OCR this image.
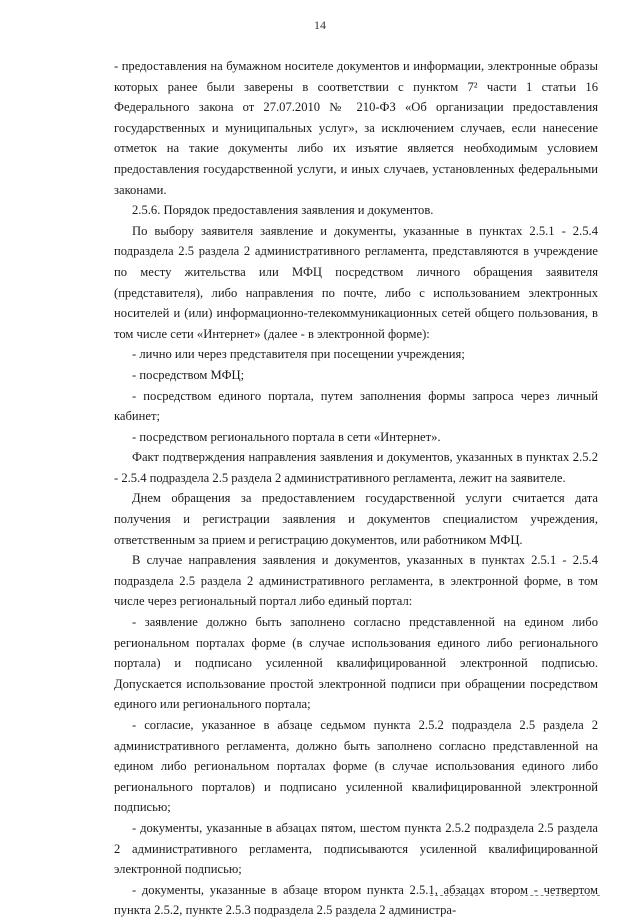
14

- предоставления на бумажном носителе документов и информации, электронные образы которых ранее были заверены в соответствии с пунктом 7² части 1 статьи 16 Федерального закона от 27.07.2010 № 210-ФЗ «Об организации предоставления государственных и муниципальных услуг», за исключением случаев, если нанесение отметок на такие документы либо их изъятие является необходимым условием предоставления государственной услуги, и иных случаев, установленных федеральными законами.

2.5.6. Порядок предоставления заявления и документов.

По выбору заявителя заявление и документы, указанные в пунктах 2.5.1 - 2.5.4 подраздела 2.5 раздела 2 административного регламента, представляются в учреждение по месту жительства или МФЦ посредством личного обращения заявителя (представителя), либо направления по почте, либо с использованием электронных носителей и (или) информационно-телекоммуникационных сетей общего пользования, в том числе сети «Интернет» (далее - в электронной форме):

- лично или через представителя при посещении учреждения;

- посредством МФЦ;

- посредством единого портала, путем заполнения формы запроса через личный кабинет;

- посредством регионального портала в сети «Интернет».

Факт подтверждения направления заявления и документов, указанных в пунктах 2.5.2 - 2.5.4 подраздела 2.5 раздела 2 административного регламента, лежит на заявителе.

Днем обращения за предоставлением государственной услуги считается дата получения и регистрации заявления и документов специалистом учреждения, ответственным за прием и регистрацию документов, или работником МФЦ.

В случае направления заявления и документов, указанных в пунктах 2.5.1 - 2.5.4 подраздела 2.5 раздела 2 административного регламента, в электронной форме, в том числе через региональный портал либо единый портал:

- заявление должно быть заполнено согласно представленной на едином либо региональном порталах форме (в случае использования единого либо регионального портала) и подписано усиленной квалифицированной электронной подписью. Допускается использование простой электронной подписи при обращении посредством единого или регионального портала;

- согласие, указанное в абзаце седьмом пункта 2.5.2 подраздела 2.5 раздела 2 административного регламента, должно быть заполнено согласно представленной на едином либо региональном порталах форме (в случае использования единого либо регионального порталов) и подписано усиленной квалифицированной электронной подписью;

- документы, указанные в абзацах пятом, шестом пункта 2.5.2 подраздела 2.5 раздела 2 административного регламента, подписываются усиленной квалифицированной электронной подписью;

- документы, указанные в абзаце втором пункта 2.5.1, абзацах втором - четвертом пункта 2.5.2, пункте 2.5.3 подраздела 2.5 раздела 2 администра-
